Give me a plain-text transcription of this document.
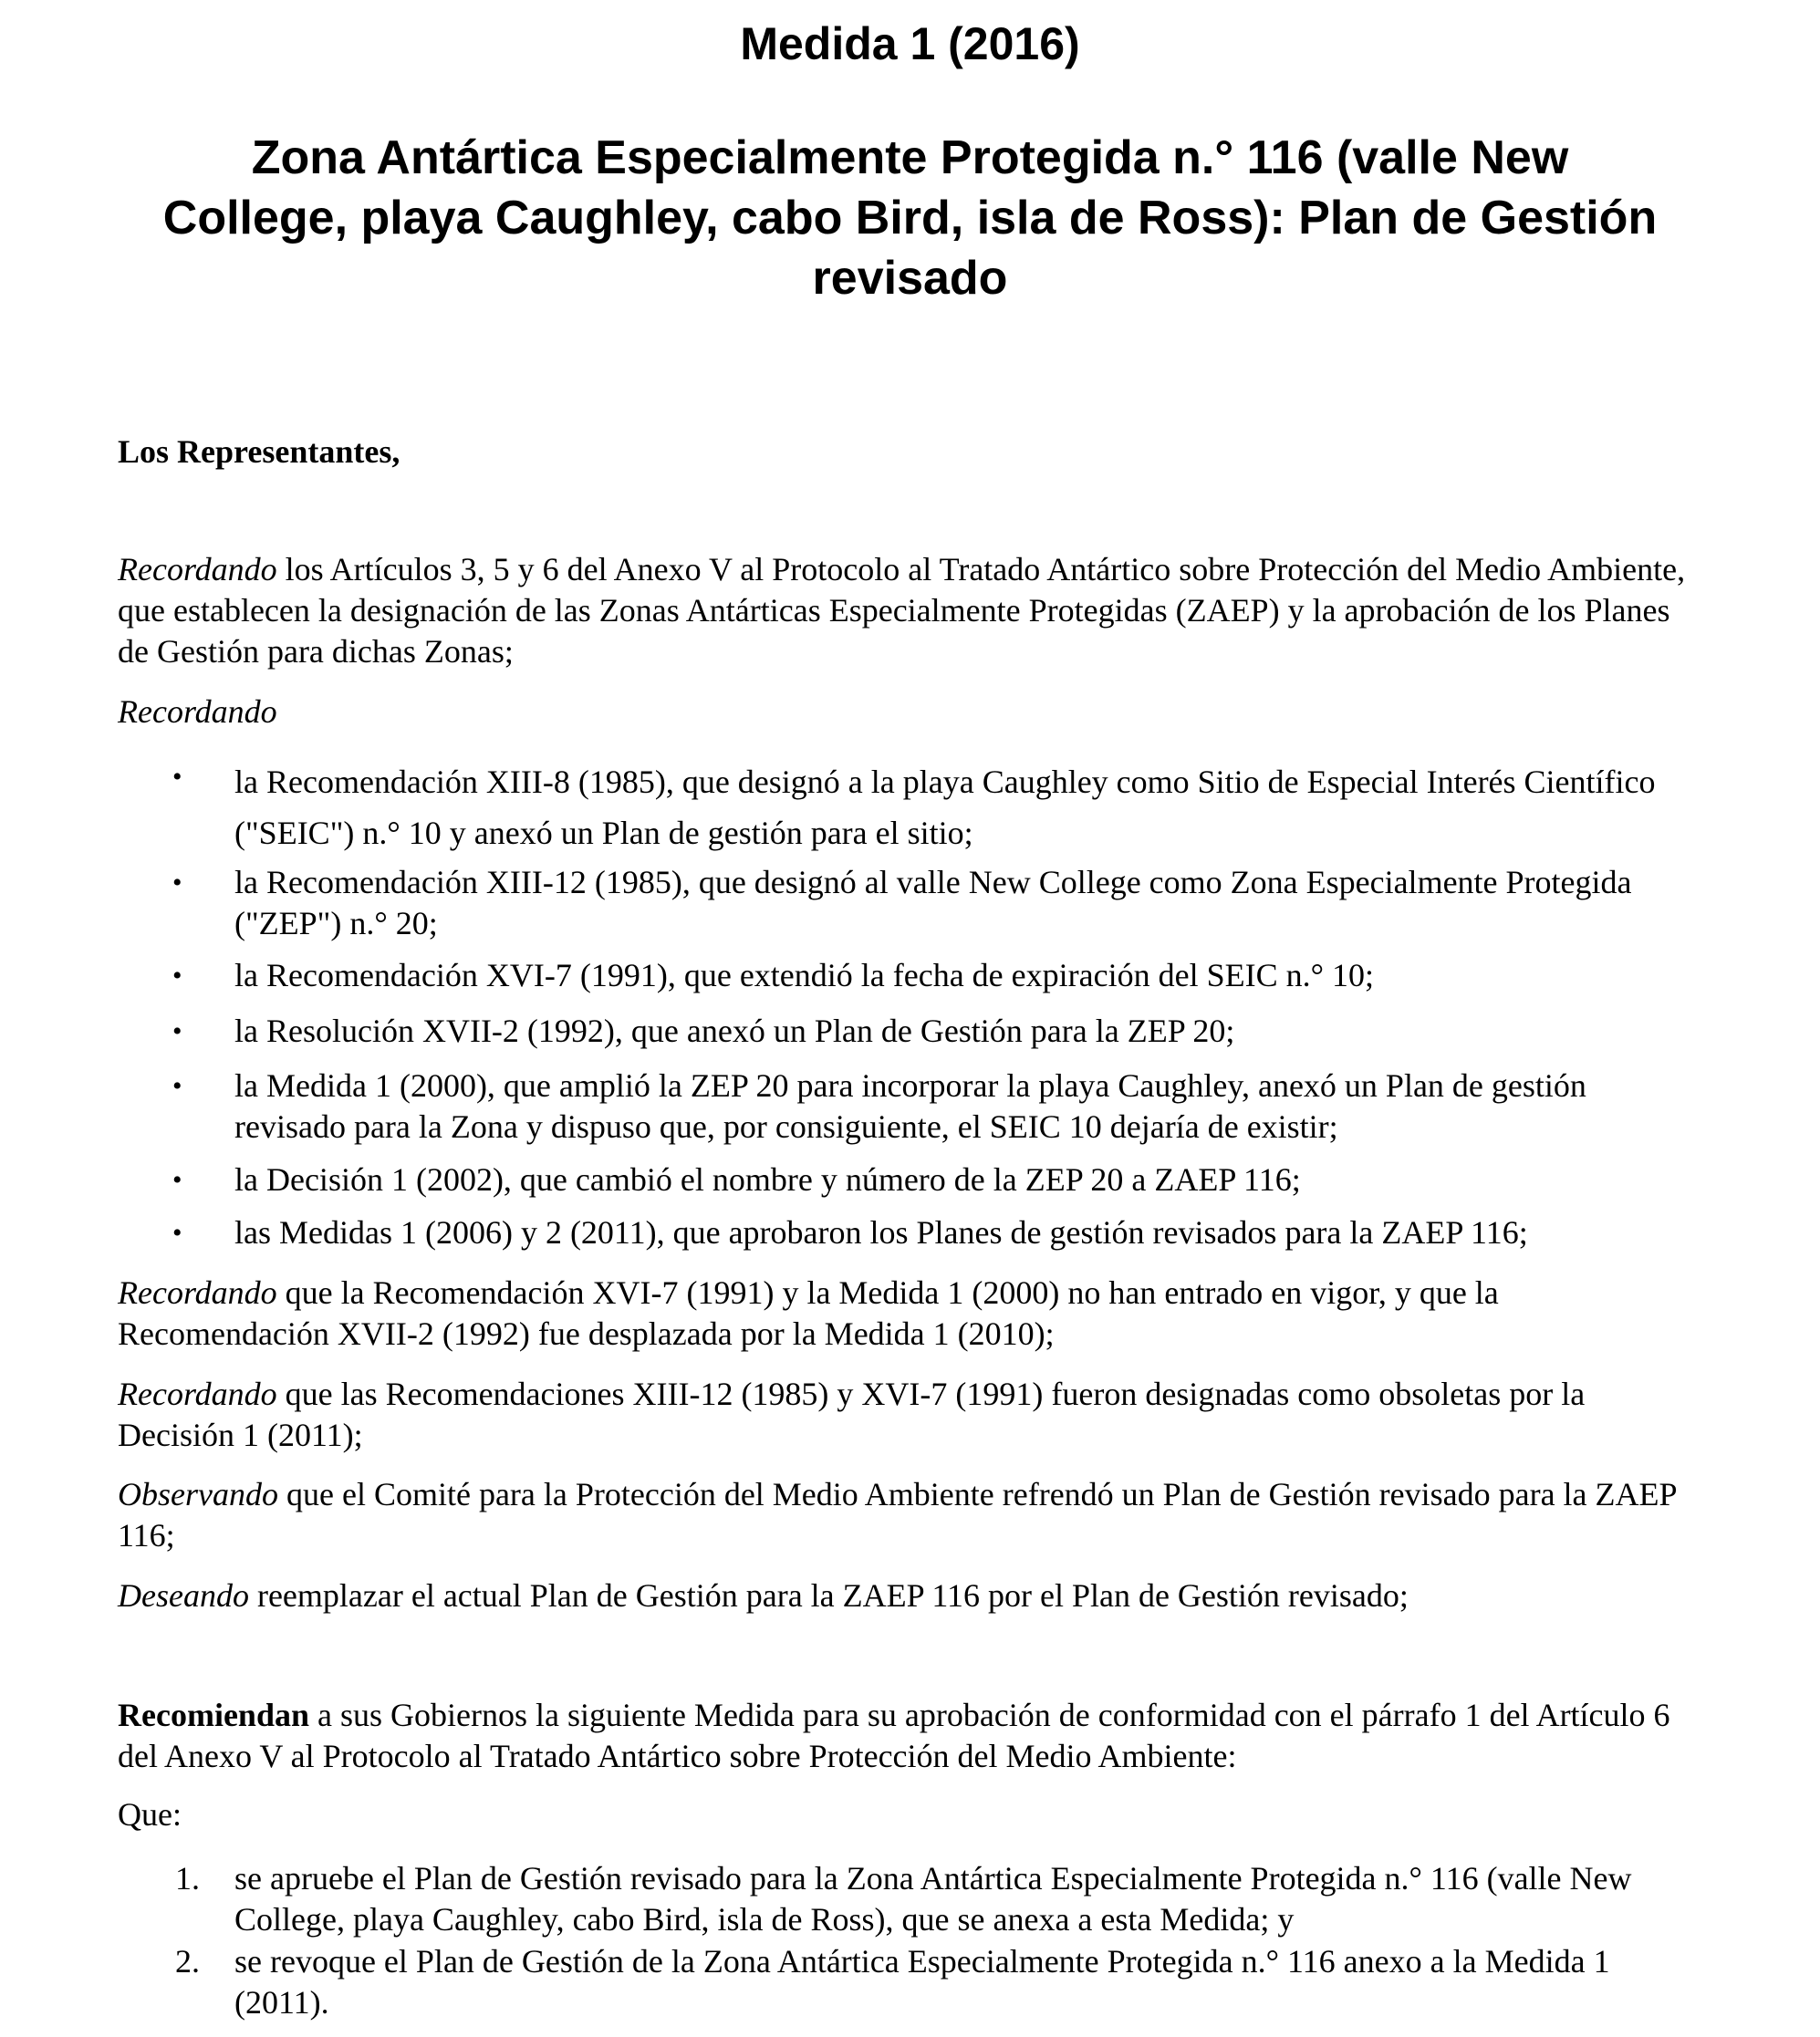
Medida 1 (2016)
Zona Antártica Especialmente Protegida n.° 116 (valle New College, playa Caughley, cabo Bird, isla de Ross): Plan de Gestión revisado
Los Representantes,
Recordando los Artículos 3, 5 y 6 del Anexo V al Protocolo al Tratado Antártico sobre Protección del Medio Ambiente, que establecen la designación de las Zonas Antárticas Especialmente Protegidas (ZAEP) y la aprobación de los Planes de Gestión para dichas Zonas;
Recordando
• la Recomendación XIII-8 (1985), que designó a la playa Caughley como Sitio de Especial Interés Científico ("SEIC") n.° 10 y anexó un Plan de gestión para el sitio;
• la Recomendación XIII-12 (1985), que designó al valle New College como Zona Especialmente Protegida ("ZEP") n.° 20;
• la Recomendación XVI-7 (1991), que extendió la fecha de expiración del SEIC n.° 10;
• la Resolución XVII-2 (1992), que anexó un Plan de Gestión para la ZEP 20;
• la Medida 1 (2000), que amplió la ZEP 20 para incorporar la playa Caughley, anexó un Plan de gestión revisado para la Zona y dispuso que, por consiguiente, el SEIC 10 dejaría de existir;
• la Decisión 1 (2002), que cambió el nombre y número de la ZEP 20 a ZAEP 116;
• las Medidas 1 (2006) y 2 (2011), que aprobaron los Planes de gestión revisados para la ZAEP 116;
Recordando que la Recomendación XVI-7 (1991) y la Medida 1 (2000) no han entrado en vigor, y que la Recomendación XVII-2 (1992) fue desplazada por la Medida 1 (2010);
Recordando que las Recomendaciones XIII-12 (1985) y XVI-7 (1991) fueron designadas como obsoletas por la Decisión 1 (2011);
Observando que el Comité para la Protección del Medio Ambiente refrendó un Plan de Gestión revisado para la ZAEP 116;
Deseando reemplazar el actual Plan de Gestión para la ZAEP 116 por el Plan de Gestión revisado;
Recomiendan a sus Gobiernos la siguiente Medida para su aprobación de conformidad con el párrafo 1 del Artículo 6 del Anexo V al Protocolo al Tratado Antártico sobre Protección del Medio Ambiente:
Que:
1. se apruebe el Plan de Gestión revisado para la Zona Antártica Especialmente Protegida n.° 116 (valle New College, playa Caughley, cabo Bird, isla de Ross), que se anexa a esta Medida; y
2. se revoque el Plan de Gestión de la Zona Antártica Especialmente Protegida n.° 116 anexo a la Medida 1 (2011).
